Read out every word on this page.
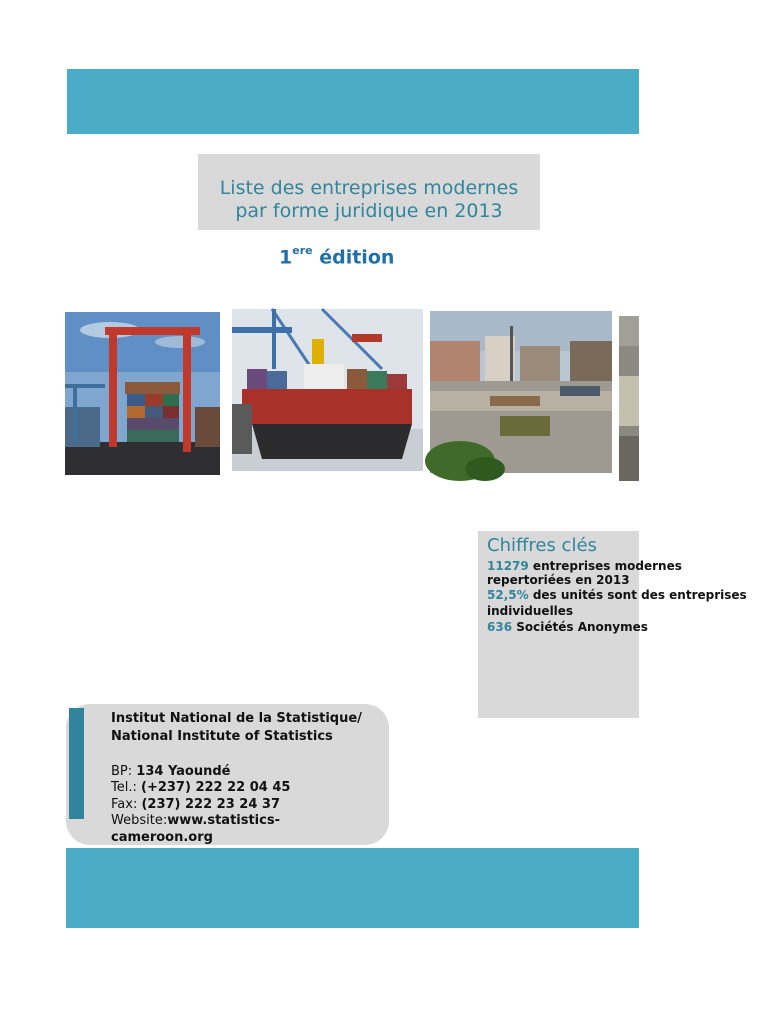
Liste des entreprises modernes
par forme juridique en 2013
1ere édition
Chiffres clés
11279 entreprises modernes
repertoriées en 2013
52,5% des unités sont des entreprises
individuelles
636 Sociétés Anonymes
Institut National de la Statistique/
National Institute of Statistics
BP: 134 Yaoundé
Tel.: (+237) 222 22 04 45
Fax: (237) 222 23 24 37
Website:www.statistics-
cameroon.org
